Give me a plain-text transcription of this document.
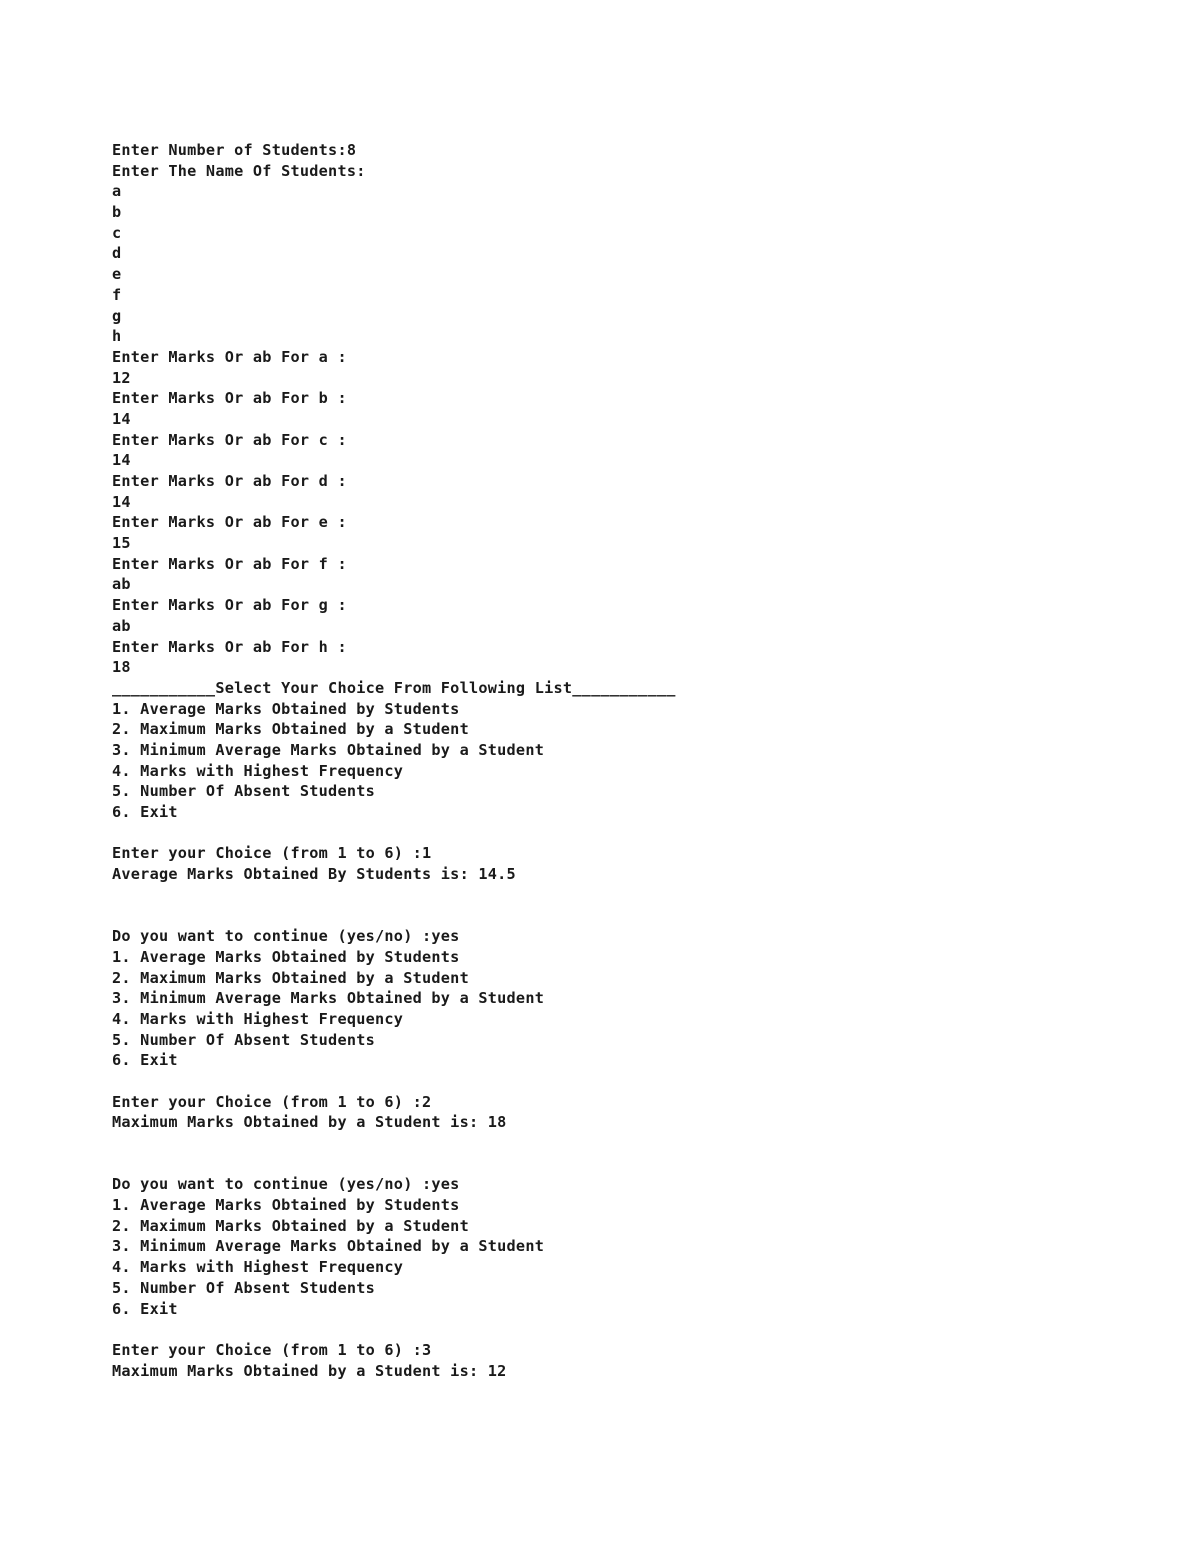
Enter Number of Students:8
Enter The Name Of Students:
a
b
c
d
e
f
g
h
Enter Marks Or ab For a :
12
Enter Marks Or ab For b :
14
Enter Marks Or ab For c :
14
Enter Marks Or ab For d :
14
Enter Marks Or ab For e :
15
Enter Marks Or ab For f :
ab
Enter Marks Or ab For g :
ab
Enter Marks Or ab For h :
18
___________Select Your Choice From Following List___________
1. Average Marks Obtained by Students
2. Maximum Marks Obtained by a Student
3. Minimum Average Marks Obtained by a Student
4. Marks with Highest Frequency
5. Number Of Absent Students
6. Exit
Enter your Choice (from 1 to 6) :1
Average Marks Obtained By Students is: 14.5
Do you want to continue (yes/no) :yes
1. Average Marks Obtained by Students
2. Maximum Marks Obtained by a Student
3. Minimum Average Marks Obtained by a Student
4. Marks with Highest Frequency
5. Number Of Absent Students
6. Exit
Enter your Choice (from 1 to 6) :2
Maximum Marks Obtained by a Student is: 18
Do you want to continue (yes/no) :yes
1. Average Marks Obtained by Students
2. Maximum Marks Obtained by a Student
3. Minimum Average Marks Obtained by a Student
4. Marks with Highest Frequency
5. Number Of Absent Students
6. Exit
Enter your Choice (from 1 to 6) :3
Maximum Marks Obtained by a Student is: 12
